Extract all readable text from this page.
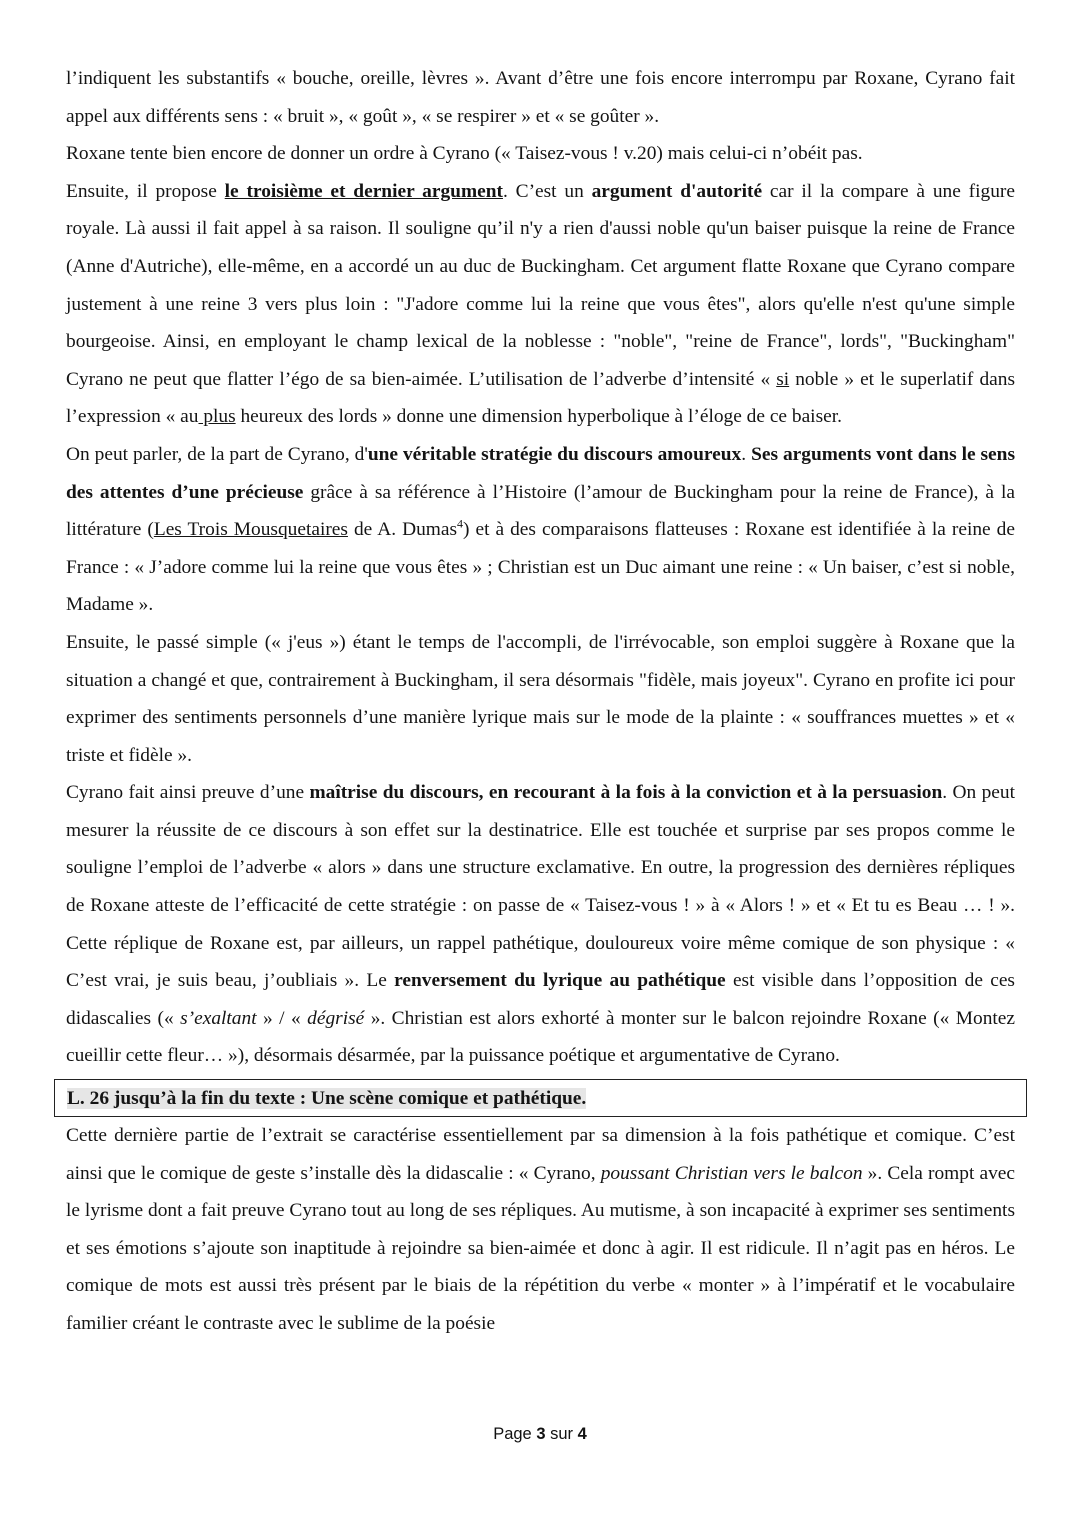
l’indiquent les substantifs « bouche, oreille, lèvres ». Avant d’être une fois encore interrompu par Roxane, Cyrano fait appel aux différents sens : « bruit », « goût », « se respirer » et « se goûter ».

Roxane tente bien encore de donner un ordre à Cyrano (« Taisez-vous ! v.20) mais celui-ci n’obéit pas.

Ensuite, il propose le troisième et dernier argument. C’est un argument d'autorité car il la compare à une figure royale. Là aussi il fait appel à sa raison. Il souligne qu’il n'y a rien d'aussi noble qu'un baiser puisque la reine de France (Anne d'Autriche), elle-même, en a accordé un au duc de Buckingham. Cet argument flatte Roxane que Cyrano compare justement à une reine 3 vers plus loin : "J'adore comme lui la reine que vous êtes", alors qu'elle n'est qu'une simple bourgeoise. Ainsi, en employant le champ lexical de la noblesse : "noble", "reine de France", lords", "Buckingham" Cyrano ne peut que flatter l’égo de sa bien-aimée. L’utilisation de l’adverbe d’intensité « si noble » et le superlatif dans l’expression « au plus heureux des lords » donne une dimension hyperbolique à l’éloge de ce baiser.

On peut parler, de la part de Cyrano, d'une véritable stratégie du discours amoureux. Ses arguments vont dans le sens des attentes d’une précieuse grâce à sa référence à l’Histoire (l’amour de Buckingham pour la reine de France), à la littérature (Les Trois Mousquetaires de A. Dumas$^4$) et à des comparaisons flatteuses : Roxane est identifiée à la reine de France : « J’adore comme lui la reine que vous êtes » ; Christian est un Duc aimant une reine : « Un baiser, c’est si noble, Madame ».

Ensuite, le passé simple (« j'eus ») étant le temps de l'accompli, de l'irrévocable, son emploi suggère à Roxane que la situation a changé et que, contrairement à Buckingham, il sera désormais "fidèle, mais joyeux". Cyrano en profite ici pour exprimer des sentiments personnels d’une manière lyrique mais sur le mode de la plainte : « souffrances muettes » et « triste et fidèle ».

Cyrano fait ainsi preuve d’une maîtrise du discours, en recourant à la fois à la conviction et à la persuasion. On peut mesurer la réussite de ce discours à son effet sur la destinatrice. Elle est touchée et surprise par ses propos comme le souligne l’emploi de l’adverbe « alors » dans une structure exclamative. En outre, la progression des dernières répliques de Roxane atteste de l’efficacité de cette stratégie : on passe de « Taisez-vous ! » à « Alors ! » et « Et tu es Beau … ! ». Cette réplique de Roxane est, par ailleurs, un rappel pathétique, douloureux voire même comique de son physique : « C’est vrai, je suis beau, j’oubliais ». Le renversement du lyrique au pathétique est visible dans l’opposition de ces didascalies (« s’exaltant » / « dégrisé ». Christian est alors exhorté à monter sur le balcon rejoindre Roxane (« Montez cueillir cette fleur… »), désormais désarmée, par la puissance poétique et argumentative de Cyrano.

L. 26 jusqu’à la fin du texte : Une scène comique et pathétique.

Cette dernière partie de l’extrait se caractérise essentiellement par sa dimension à la fois pathétique et comique. C’est ainsi que le comique de geste s’installe dès la didascalie : « Cyrano, poussant Christian vers le balcon ». Cela rompt avec le lyrisme dont a fait preuve Cyrano tout au long de ses répliques. Au mutisme, à son incapacité à exprimer ses sentiments et ses émotions s’ajoute son inaptitude à rejoindre sa bien-aimée et donc à agir. Il est ridicule. Il n’agit pas en héros. Le comique de mots est aussi très présent par le biais de la répétition du verbe « monter » à l’impératif et le vocabulaire familier créant le contraste avec le sublime de la poésie

Page 3 sur 4
